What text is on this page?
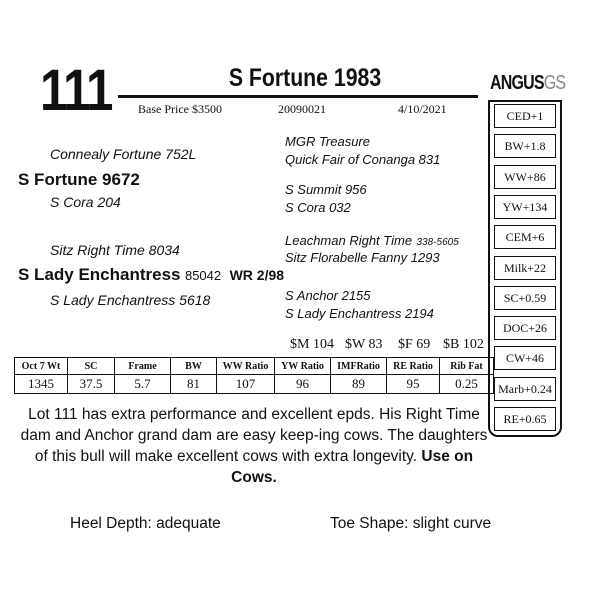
111	S Fortune 1983
Base Price $3500	20090021	4/10/2021
ANGUSGS
CED+1
BW+1.8
WW+86
YW+134
CEM+6
Milk+22
SC+0.59
DOC+26
CW+46
Marb+0.24
RE+0.65
Connealy Fortune 752L
S Fortune 9672
S Cora 204
MGR Treasure
Quick Fair of Conanga 831
S Summit 956
S Cora 032
Sitz Right Time 8034
S Lady Enchantress 85042 WR 2/98
S Lady Enchantress 5618
Leachman Right Time 338-5605
Sitz Florabelle Fanny 1293
S Anchor 2155
S Lady Enchantress 2194
$M 104 $W 83 $F 69 $B 102
Oct 7 Wt	SC	Frame	BW	WW Ratio	YW Ratio	IMFRatio	RE Ratio	Rib Fat
1345	37.5	5.7	81	107	96	89	95	0.25
Lot 111 has extra performance and excellent epds. His Right Time dam and Anchor grand dam are easy keep-ing cows. The daughters of this bull will make excellent cows with extra longevity. Use on Cows.
Heel Depth: adequate	Toe Shape: slight curve
